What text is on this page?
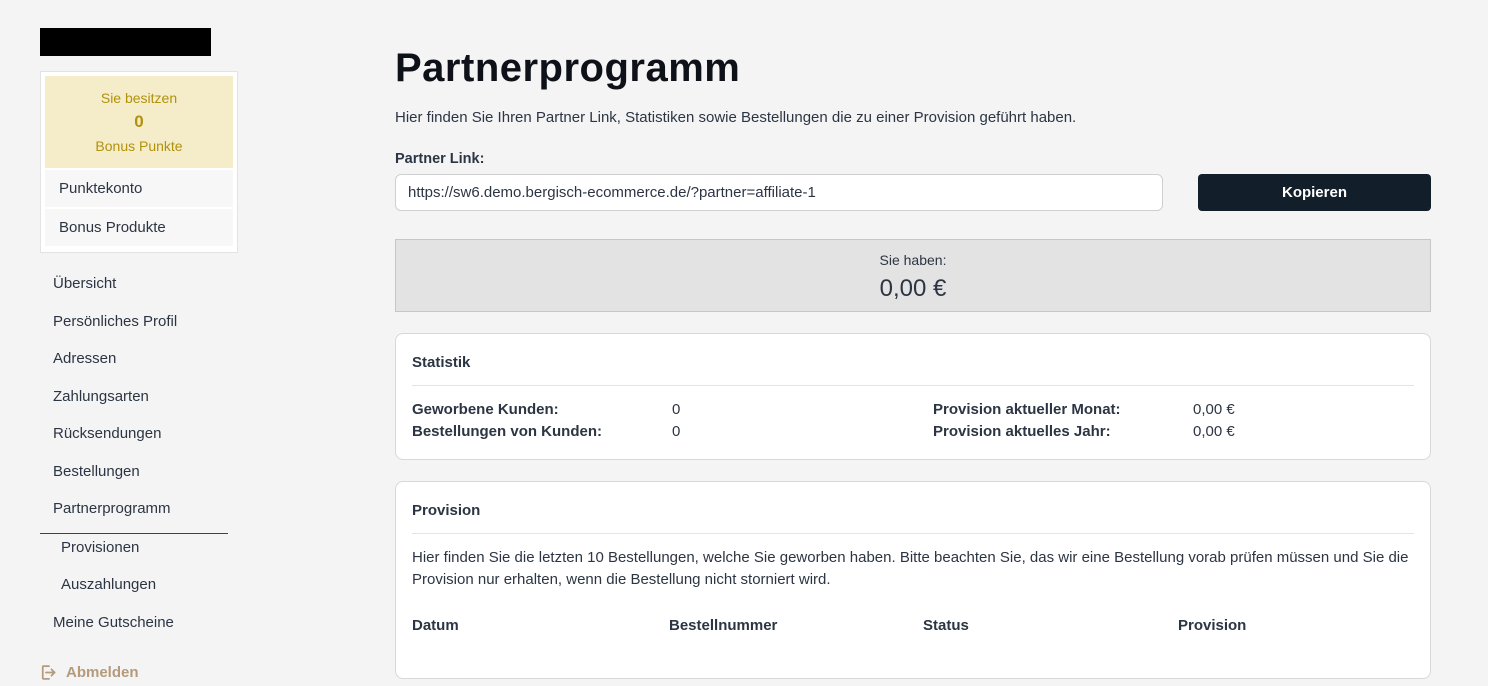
Sie besitzen
0
Bonus Punkte
Punktekonto
Bonus Produkte
Übersicht
Persönliches Profil
Adressen
Zahlungsarten
Rücksendungen
Bestellungen
Partnerprogramm
Provisionen
Auszahlungen
Meine Gutscheine
Abmelden
Partnerprogramm

Hier finden Sie Ihren Partner Link, Statistiken sowie Bestellungen die zu einer Provision geführt haben.

Partner Link:
https://sw6.demo.bergisch-ecommerce.de/?partner=affiliate-1
Kopieren
Sie haben:
0,00 €
Statistik
Geworbene Kunden:	0
Bestellungen von Kunden:	0
Provision aktueller Monat:	0,00 €
Provision aktuelles Jahr:	0,00 €
Provision

Hier finden Sie die letzten 10 Bestellungen, welche Sie geworben haben. Bitte beachten Sie, das wir eine Bestellung vorab prüfen müssen und Sie die Provision nur erhalten, wenn die Bestellung nicht storniert wird.

Datum	Bestellnummer	Status	Provision
